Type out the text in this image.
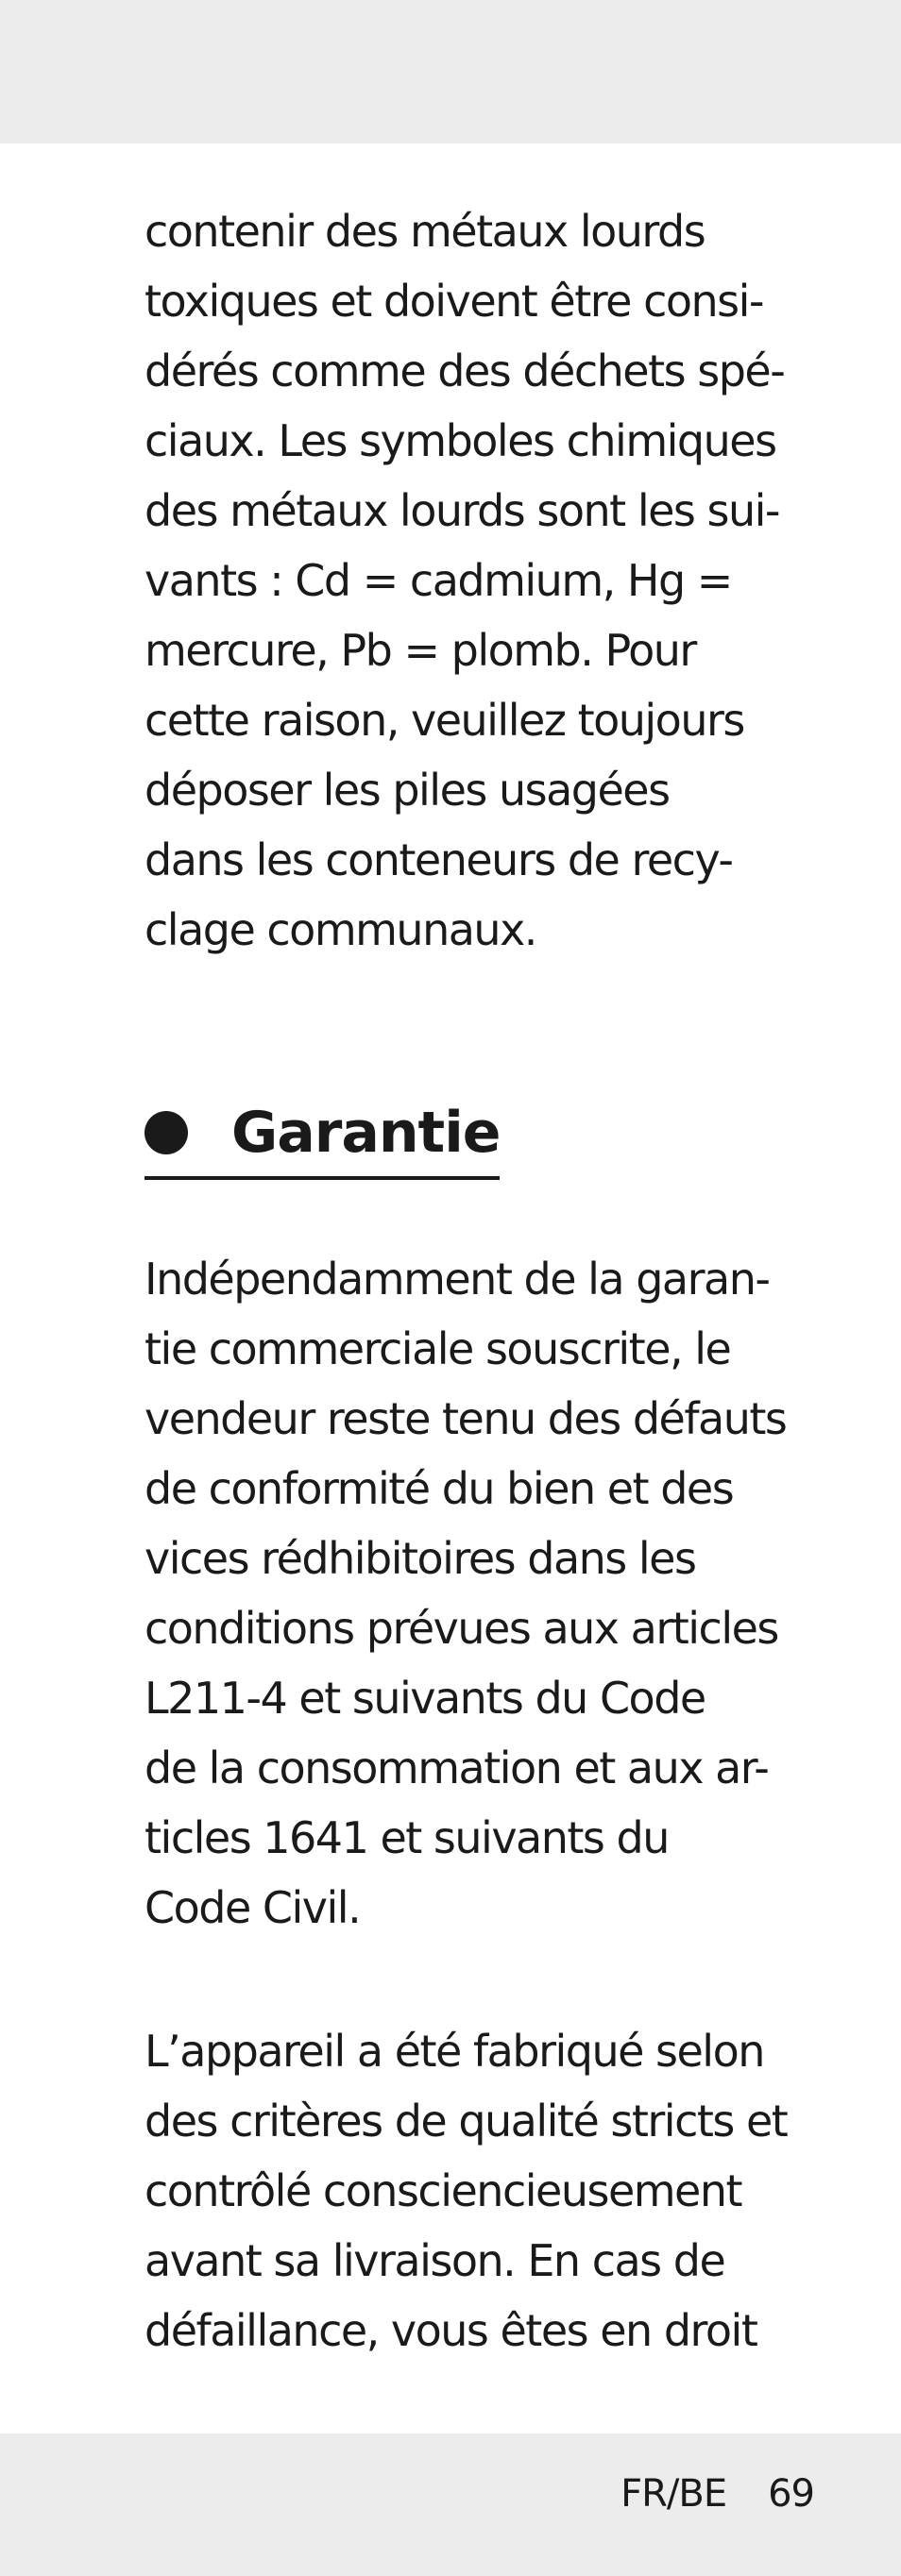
contenir des métaux lourds
toxiques et doivent être consi-
dérés comme des déchets spé-
ciaux. Les symboles chimiques
des métaux lourds sont les sui-
vants : Cd = cadmium, Hg =
mercure, Pb = plomb. Pour
cette raison, veuillez toujours
déposer les piles usagées
dans les conteneurs de recy-
clage communaux.
Garantie
Indépendamment de la garan-
tie commerciale souscrite, le
vendeur reste tenu des défauts
de conformité du bien et des
vices rédhibitoires dans les
conditions prévues aux articles
L211-4 et suivants du Code
de la consommation et aux ar-
ticles 1641 et suivants du
Code Civil.
L’appareil a été fabriqué selon
des critères de qualité stricts et
contrôlé consciencieusement
avant sa livraison. En cas de
défaillance, vous êtes en droit
FR/BE 69
